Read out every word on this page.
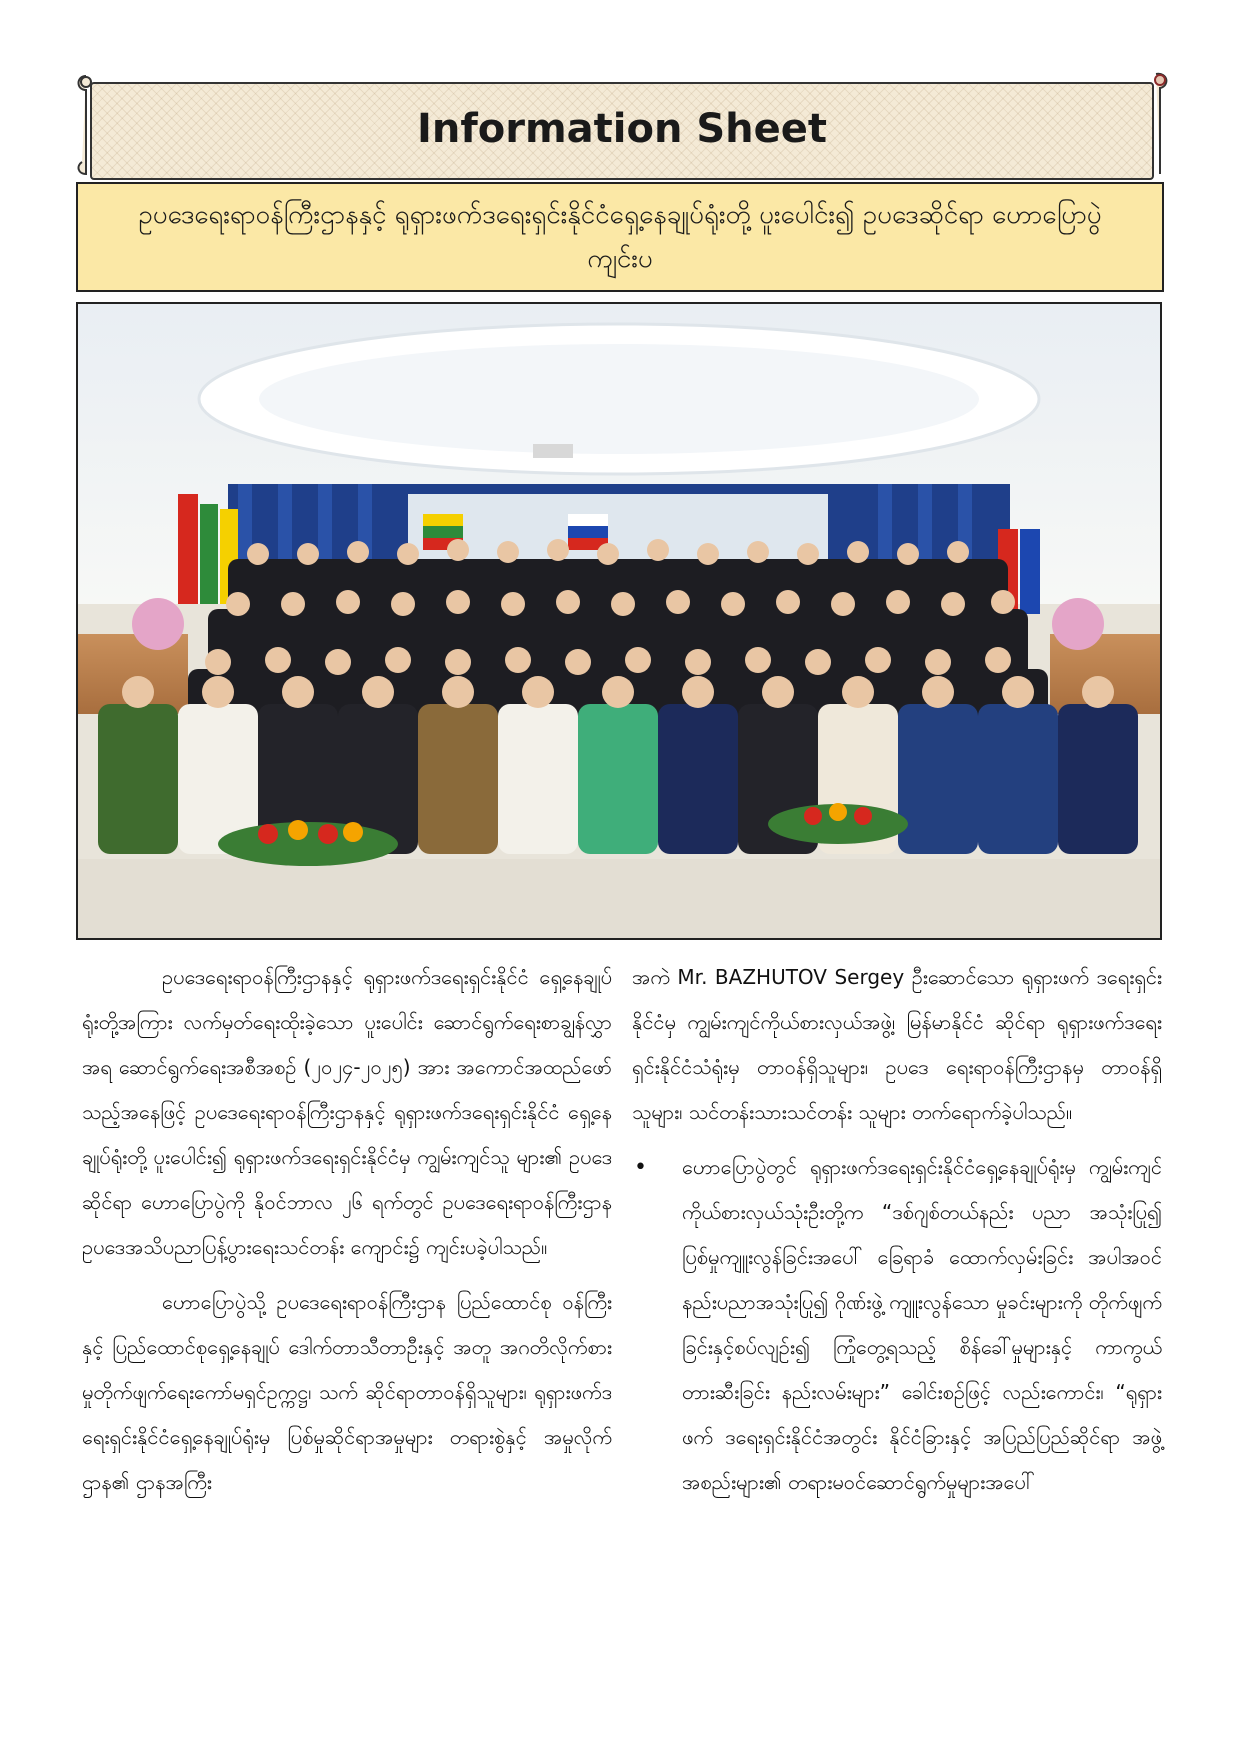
Information Sheet
ဥပဒေရေးရာဝန်ကြီးဌာနနှင့် ရုရှားဖက်ဒရေးရှင်းနိုင်ငံရှေ့နေချုပ်ရုံးတို့ ပူးပေါင်း၍ ဥပဒေဆိုင်ရာ ဟောပြောပွဲ ကျင်းပ

ဥပဒေရေးရာဝန်ကြီးဌာနနှင့် ရုရှားဖက်ဒရေးရှင်းနိုင်ငံ ရှေ့နေချုပ်ရုံးတို့အကြား လက်မှတ်ရေးထိုးခဲ့သော ပူးပေါင်း ဆောင်ရွက်ရေးစာချွန်လွှာအရ ဆောင်ရွက်ရေးအစီအစဉ် (၂၀၂၄-၂၀၂၅) အား အကောင်အထည်ဖော်သည့်အနေဖြင့် ဥပဒေရေးရာဝန်ကြီးဌာနနှင့် ရုရှားဖက်ဒရေးရှင်းနိုင်ငံ ရှေ့နေ ချုပ်ရုံးတို့ ပူးပေါင်း၍ ရုရှားဖက်ဒရေးရှင်းနိုင်ငံမှ ကျွမ်းကျင်သူ များ၏ ဥပဒေဆိုင်ရာ ဟောပြောပွဲကို နိုဝင်ဘာလ ၂၆ ရက်တွင် ဥပဒေရေးရာဝန်ကြီးဌာန ဥပဒေအသိပညာပြန့်ပွားရေးသင်တန်း ကျောင်း၌ ကျင်းပခဲ့ပါသည်။

ဟောပြောပွဲသို့ ဥပဒေရေးရာဝန်ကြီးဌာန ပြည်ထောင်စု ဝန်ကြီးနှင့် ပြည်ထောင်စုရှေ့နေချုပ် ဒေါက်တာသီတာဦးနှင့် အတူ အဂတိလိုက်စားမှုတိုက်ဖျက်ရေးကော်မရှင်ဥက္ကဋ္ဌ၊ သက် ဆိုင်ရာတာဝန်ရှိသူများ၊ ရုရှားဖက်ဒရေးရှင်းနိုင်ငံရှေ့နေချုပ်ရုံးမှ ပြစ်မှုဆိုင်ရာအမှုများ တရားစွဲနှင့် အမှုလိုက်ဌာန၏ ဌာနအကြီး

အကဲ Mr. BAZHUTOV Sergey ဦးဆောင်သော ရုရှားဖက် ဒရေးရှင်းနိုင်ငံမှ ကျွမ်းကျင်ကိုယ်စားလှယ်အဖွဲ့၊ မြန်မာနိုင်ငံ ဆိုင်ရာ ရုရှားဖက်ဒရေးရှင်းနိုင်ငံသံရုံးမှ တာဝန်ရှိသူများ၊ ဥပဒေ ရေးရာဝန်ကြီးဌာနမှ တာဝန်ရှိသူများ၊ သင်တန်းသားသင်တန်း သူများ တက်ရောက်ခဲ့ပါသည်။

• ဟောပြောပွဲတွင် ရုရှားဖက်ဒရေးရှင်းနိုင်ငံရှေ့နေချုပ်ရုံးမှ ကျွမ်းကျင်ကိုယ်စားလှယ်သုံးဦးတို့က “ဒစ်ဂျစ်တယ်နည်း ပညာ အသုံးပြု၍ ပြစ်မှုကျူးလွန်ခြင်းအပေါ် ခြေရာခံ ထောက်လှမ်းခြင်း အပါအဝင် နည်းပညာအသုံးပြု၍ ဂိုဏ်းဖွဲ့ ကျူးလွန်သော မှုခင်းများကို တိုက်ဖျက်ခြင်းနှင့်စပ်လျဉ်း၍ ကြုံတွေ့ရသည့် စိန်ခေါ်မှုများနှင့် ကာကွယ်တားဆီးခြင်း နည်းလမ်းများ” ခေါင်းစဉ်ဖြင့် လည်းကောင်း၊ “ရုရှားဖက် ဒရေးရှင်းနိုင်ငံအတွင်း နိုင်ငံခြားနှင့် အပြည်ပြည်ဆိုင်ရာ အဖွဲ့အစည်းများ၏ တရားမဝင်ဆောင်ရွက်မှုများအပေါ်
